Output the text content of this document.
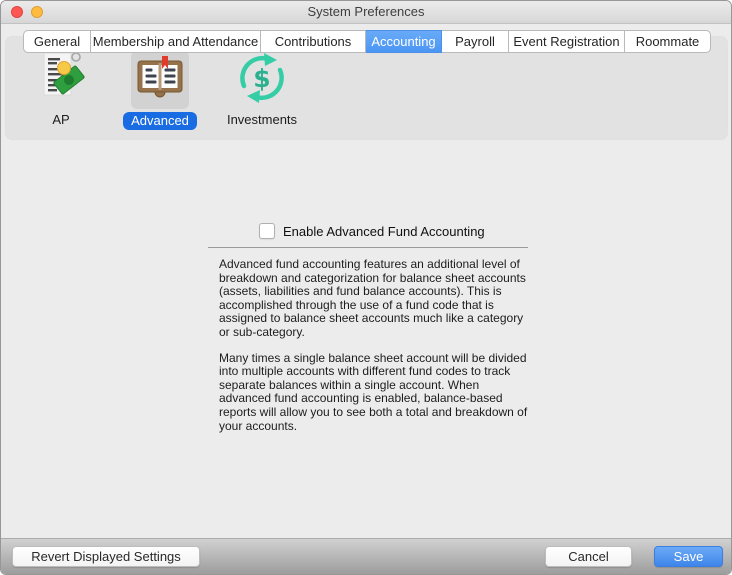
System Preferences
General Membership and Attendance	Contributions	Accounting	Payroll	Event Registration	Roommate
AP	Advanced
$
Investments
Enable Advanced Fund Accounting

Advanced fund accounting features an additional level of breakdown and categorization for balance sheet accounts (assets, liabilities and fund balance accounts). This is accomplished through the use of a fund code that is assigned to balance sheet accounts much like a category or sub-category.

Many times a single balance sheet account will be divided into multiple accounts with different fund codes to track separate balances within a single account. When advanced fund accounting is enabled, balance-based reports will allow you to see both a total and breakdown of your accounts.

Revert Displayed Settings	Cancel	Save
